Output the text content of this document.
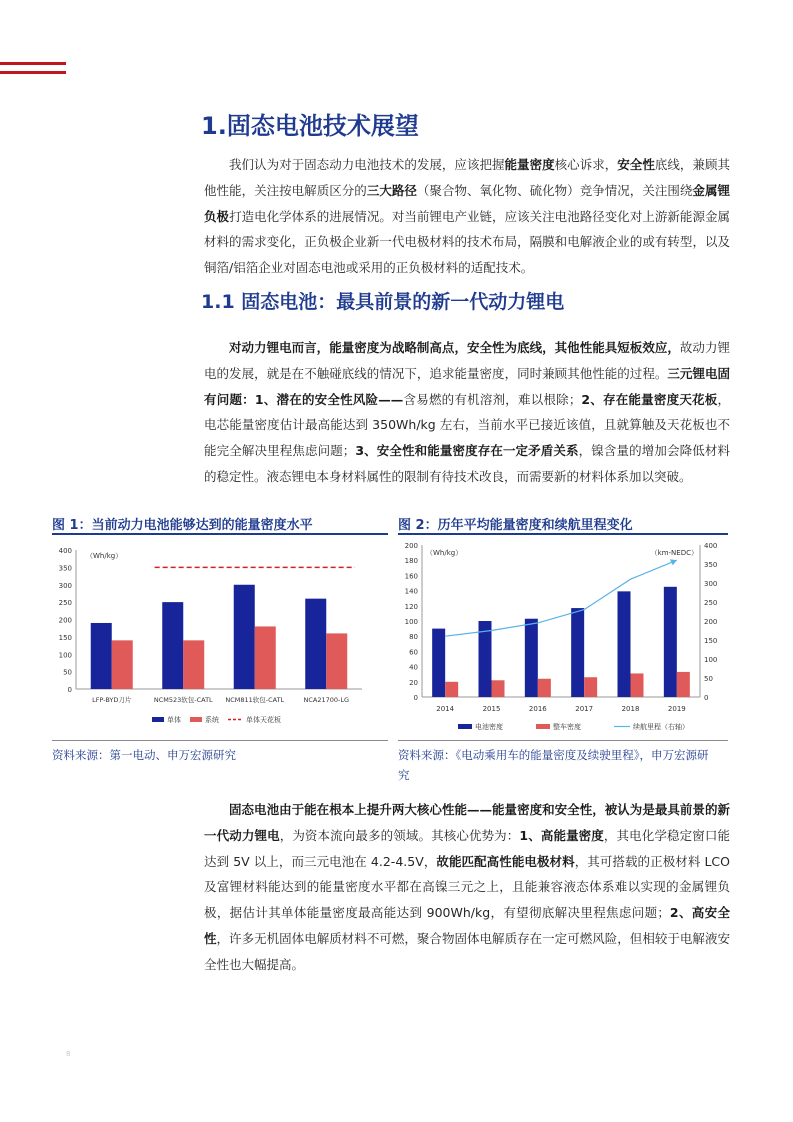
1.固态电池技术展望

我们认为对于固态动力电池技术的发展，应该把握能量密度核心诉求，安全性底线，兼顾其他性能，关注按电解质区分的三大路径（聚合物、氧化物、硫化物）竞争情况，关注围绕金属锂负极打造电化学体系的进展情况。对当前锂电产业链，应该关注电池路径变化对上游新能源金属材料的需求变化，正负极企业新一代电极材料的技术布局，隔膜和电解液企业的或有转型，以及铜箔/铝箔企业对固态电池或采用的正负极材料的适配技术。

1.1 固态电池：最具前景的新一代动力锂电

对动力锂电而言，能量密度为战略制高点，安全性为底线，其他性能具短板效应，故动力锂电的发展，就是在不触碰底线的情况下，追求能量密度，同时兼顾其他性能的过程。三元锂电固有问题：1、潜在的安全性风险——含易燃的有机溶剂，难以根除；2、存在能量密度天花板，电芯能量密度估计最高能达到 350Wh/kg 左右，当前水平已接近该值，且就算触及天花板也不能完全解决里程焦虑问题；3、安全性和能量密度存在一定矛盾关系，镍含量的增加会降低材料的稳定性。液态锂电本身材料属性的限制有待技术改良，而需要新的材料体系加以突破。

图 1：当前动力电池能够达到的能量密度水平

0
50
100
150
200
250
300
350
400
（Wh/kg）
LFP-BYD刀片	NCM523软包-CATL NCM811软包-CATL	NCA21700-LG
单体	系统	单体天花板

资料来源：第一电动、申万宏源研究

图 2：历年平均能量密度和续航里程变化

0
20
40
60
80
100
120
140
160
180
200
0
50
100
150
200
250
300
350
400
（Wh/kg）	（km-NEDC）
2014	2015	2016	2017	2018	2019
电池密度	整车密度	续航里程（右轴）

资料来源：《电动乘用车的能量密度及续驶里程》，申万宏源研究

固态电池由于能在根本上提升两大核心性能——能量密度和安全性，被认为是最具前景的新一代动力锂电，为资本流向最多的领域。其核心优势为：1、高能量密度，其电化学稳定窗口能达到 5V 以上，而三元电池在 4.2-4.5V，故能匹配高性能电极材料，其可搭载的正极材料 LCO 及富锂材料能达到的能量密度水平都在高镍三元之上，且能兼容液态体系难以实现的金属锂负极，据估计其单体能量密度最高能达到 900Wh/kg，有望彻底解决里程焦虑问题；2、高安全性，许多无机固体电解质材料不可燃，聚合物固体电解质存在一定可燃风险，但相较于电解液安全性也大幅提高。

8
